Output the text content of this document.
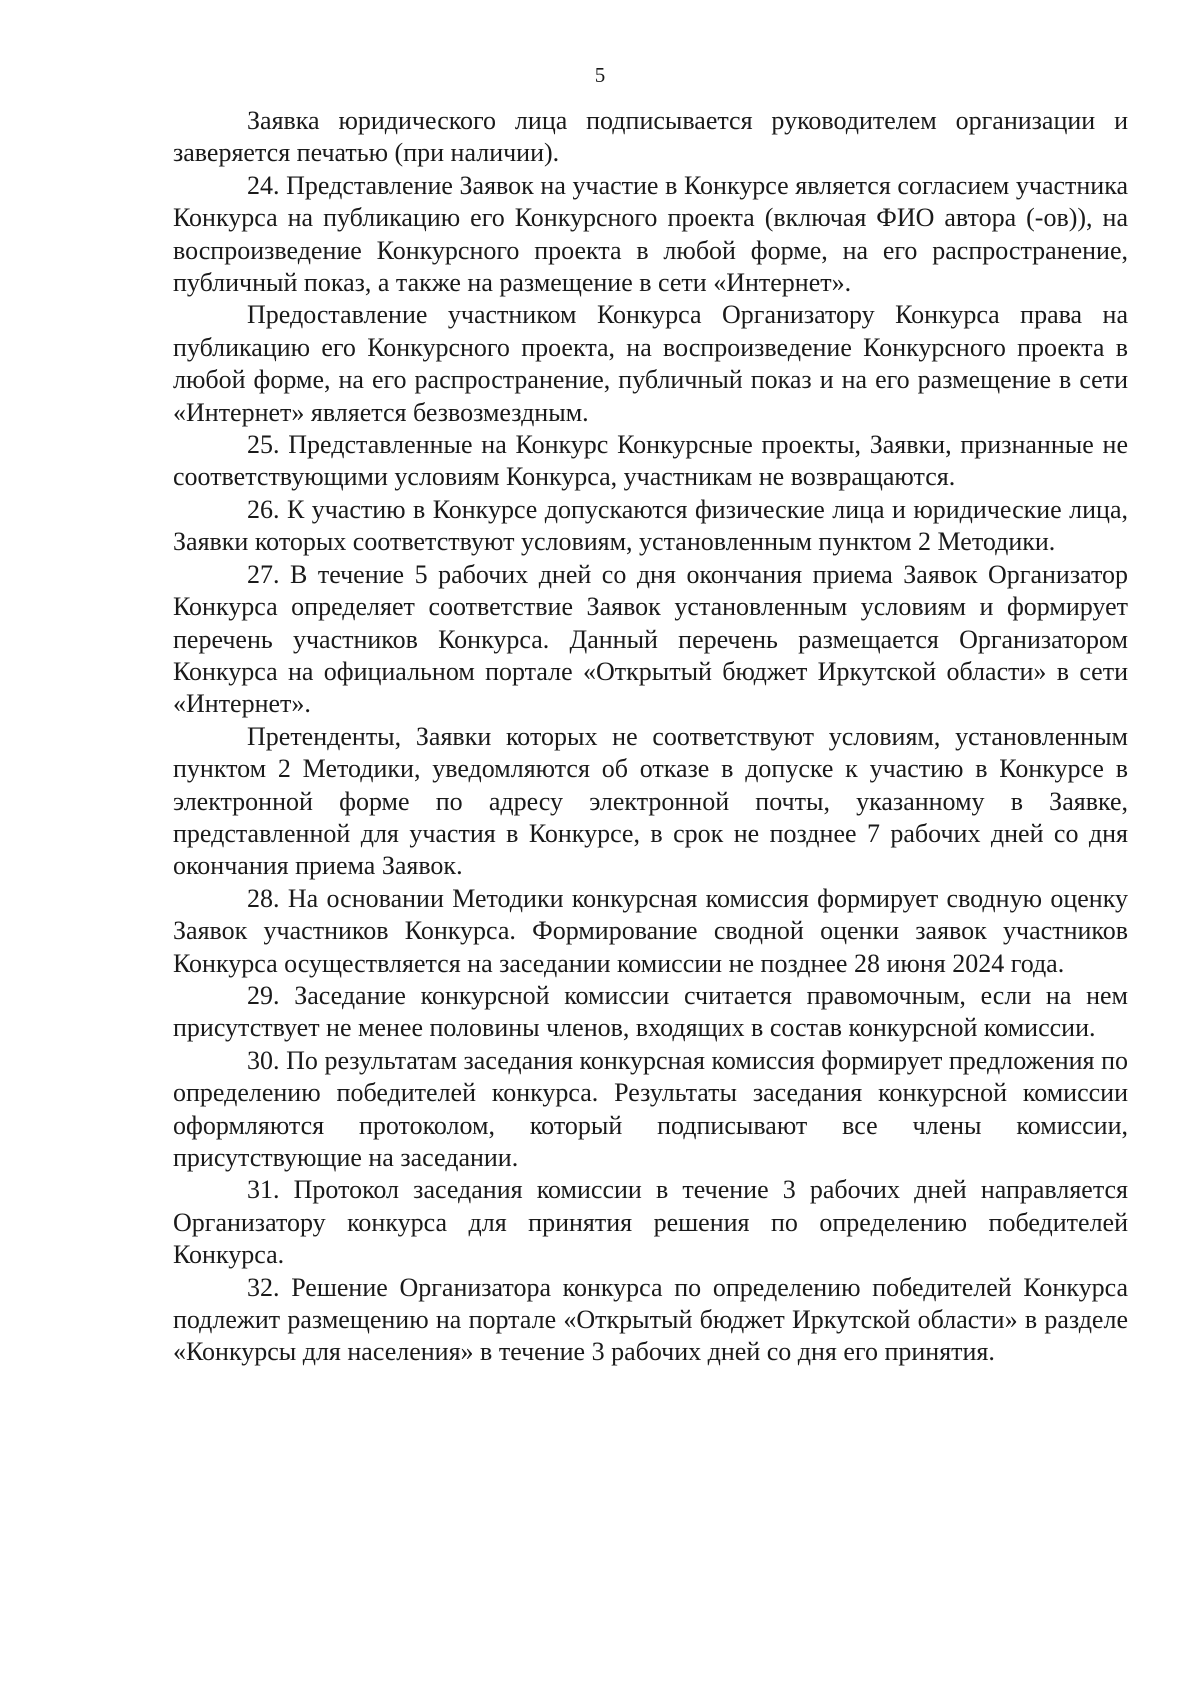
5

Заявка юридического лица подписывается руководителем организации и заверяется печатью (при наличии).

24. Представление Заявок на участие в Конкурсе является согласием участника Конкурса на публикацию его Конкурсного проекта (включая ФИО автора (-ов)), на воспроизведение Конкурсного проекта в любой форме, на его распространение, публичный показ, а также на размещение в сети «Интернет».

Предоставление участником Конкурса Организатору Конкурса права на публикацию его Конкурсного проекта, на воспроизведение Конкурсного проекта в любой форме, на его распространение, публичный показ и на его размещение в сети «Интернет» является безвозмездным.

25. Представленные на Конкурс Конкурсные проекты, Заявки, признанные не соответствующими условиям Конкурса, участникам не возвращаются.

26. К участию в Конкурсе допускаются физические лица и юридические лица, Заявки которых соответствуют условиям, установленным пунктом 2 Методики.

27. В течение 5 рабочих дней со дня окончания приема Заявок Организатор Конкурса определяет соответствие Заявок установленным условиям и формирует перечень участников Конкурса. Данный перечень размещается Организатором Конкурса на официальном портале «Открытый бюджет Иркутской области» в сети «Интернет».

Претенденты, Заявки которых не соответствуют условиям, установленным пунктом 2 Методики, уведомляются об отказе в допуске к участию в Конкурсе в электронной форме по адресу электронной почты, указанному в Заявке, представленной для участия в Конкурсе, в срок не позднее 7 рабочих дней со дня окончания приема Заявок.

28. На основании Методики конкурсная комиссия формирует сводную оценку Заявок участников Конкурса. Формирование сводной оценки заявок участников Конкурса осуществляется на заседании комиссии не позднее 28 июня 2024 года.

29. Заседание конкурсной комиссии считается правомочным, если на нем присутствует не менее половины членов, входящих в состав конкурсной комиссии.

30. По результатам заседания конкурсная комиссия формирует предложения по определению победителей конкурса. Результаты заседания конкурсной комиссии оформляются протоколом, который подписывают все члены комиссии, присутствующие на заседании.

31. Протокол заседания комиссии в течение 3 рабочих дней направляется Организатору конкурса для принятия решения по определению победителей Конкурса.

32. Решение Организатора конкурса по определению победителей Конкурса подлежит размещению на портале «Открытый бюджет Иркутской области» в разделе «Конкурсы для населения» в течение 3 рабочих дней со дня его принятия.
